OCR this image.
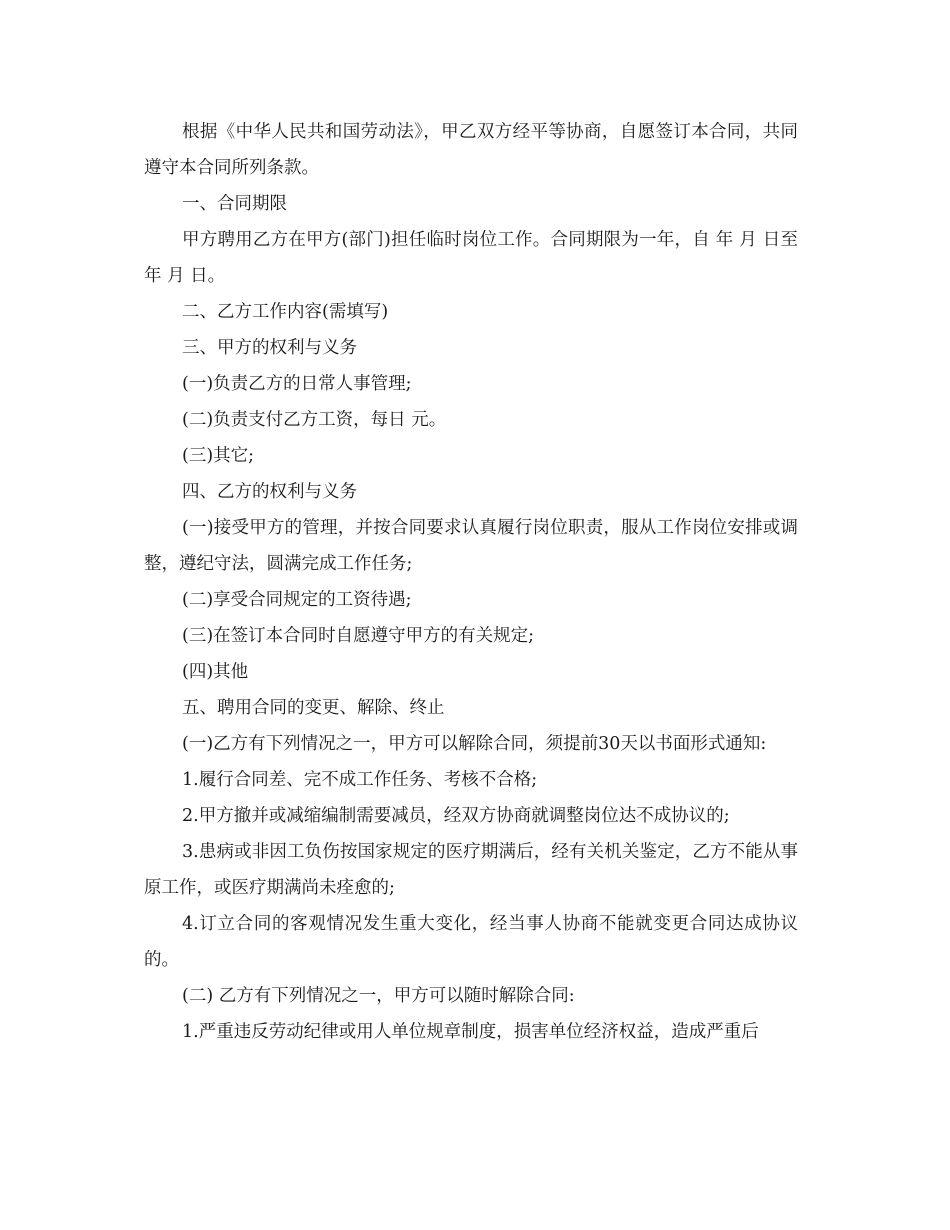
根据《中华人民共和国劳动法》，甲乙双方经平等协商，自愿签订本合同，共同遵守本合同所列条款。

一、合同期限

甲方聘用乙方在甲方(部门)担任临时岗位工作。合同期限为一年，自 年 月 日至 年 月 日。

二、乙方工作内容(需填写)

三、甲方的权利与义务

(一)负责乙方的日常人事管理;

(二)负责支付乙方工资，每日 元。

(三)其它;

四、乙方的权利与义务

(一)接受甲方的管理，并按合同要求认真履行岗位职责，服从工作岗位安排或调整，遵纪守法，圆满完成工作任务;

(二)享受合同规定的工资待遇;

(三)在签订本合同时自愿遵守甲方的有关规定;

(四)其他

五、聘用合同的变更、解除、终止

(一)乙方有下列情况之一，甲方可以解除合同，须提前30天以书面形式通知:

1.履行合同差、完不成工作任务、考核不合格;

2.甲方撤并或减缩编制需要减员，经双方协商就调整岗位达不成协议的;

3.患病或非因工负伤按国家规定的医疗期满后，经有关机关鉴定，乙方不能从事原工作，或医疗期满尚未痊愈的;

4.订立合同的客观情况发生重大变化，经当事人协商不能就变更合同达成协议的。

(二) 乙方有下列情况之一，甲方可以随时解除合同:

1.严重违反劳动纪律或用人单位规章制度，损害单位经济权益，造成严重后
